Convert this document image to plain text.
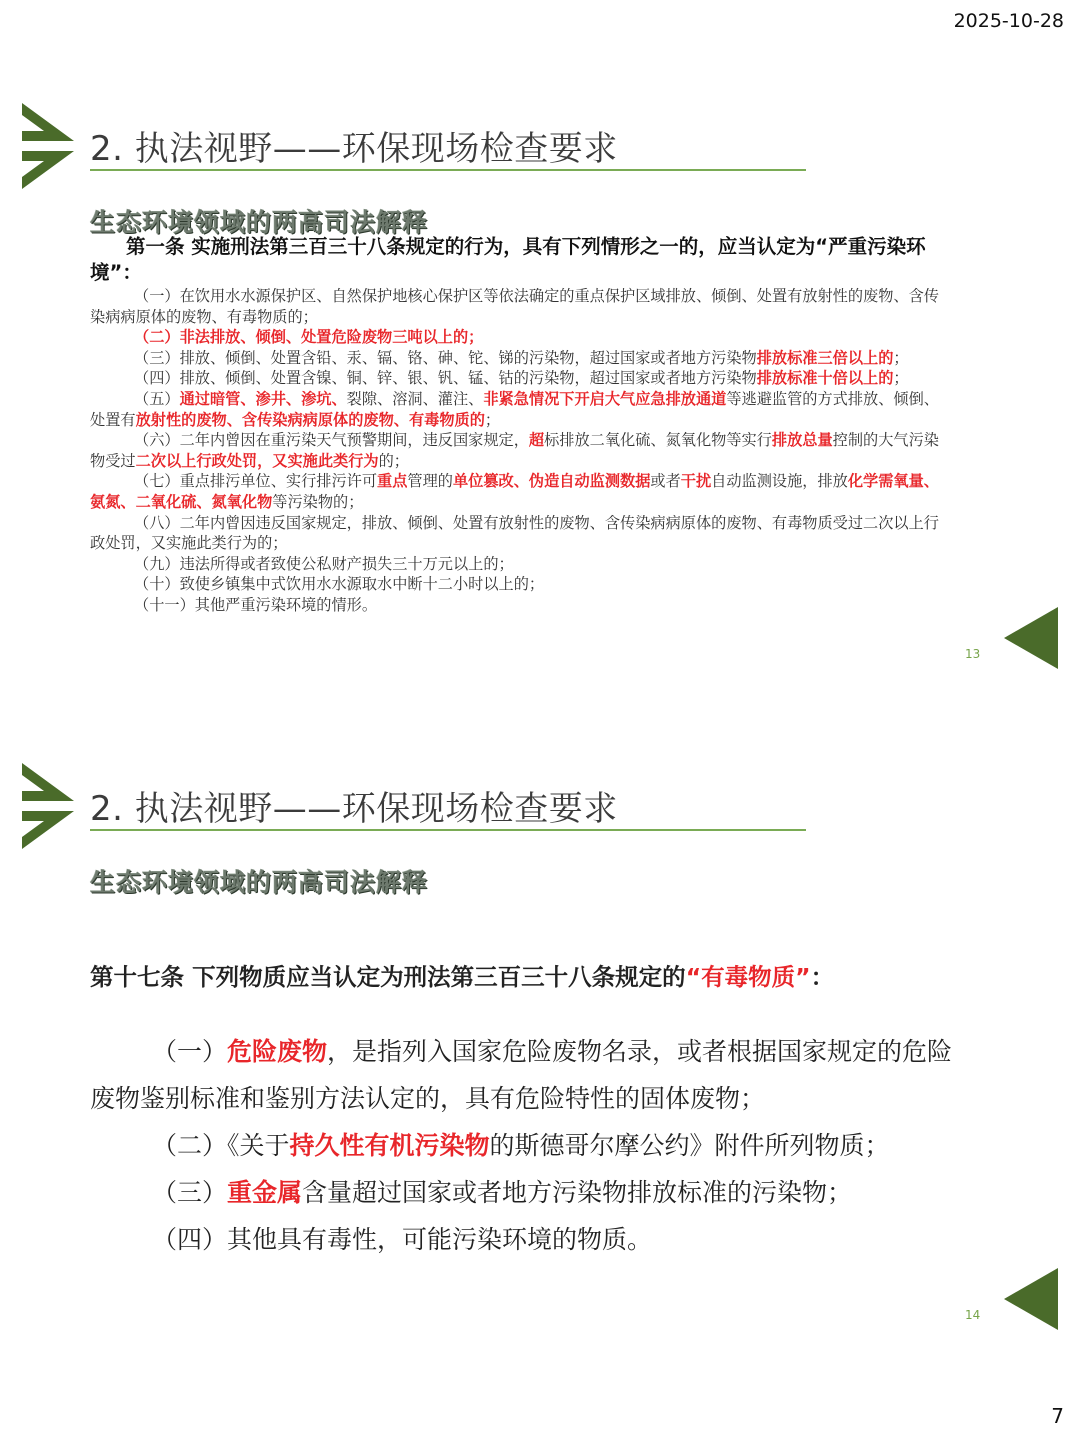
2025-10-28
2. 执法视野——环保现场检查要求
生态环境领域的两高司法解释
第一条 实施刑法第三百三十八条规定的行为，具有下列情形之一的，应当认定为“严重污染环境”：

（一）在饮用水水源保护区、自然保护地核心保护区等依法确定的重点保护区域排放、倾倒、处置有放射性的废物、含传染病病原体的废物、有毒物质的；

（二）非法排放、倾倒、处置危险废物三吨以上的；

（三）排放、倾倒、处置含铅、汞、镉、铬、砷、铊、锑的污染物，超过国家或者地方污染物排放标准三倍以上的；

（四）排放、倾倒、处置含镍、铜、锌、银、钒、锰、钴的污染物，超过国家或者地方污染物排放标准十倍以上的；

（五）通过暗管、渗井、渗坑、裂隙、溶洞、灌注、非紧急情况下开启大气应急排放通道等逃避监管的方式排放、倾倒、处置有放射性的废物、含传染病病原体的废物、有毒物质的；

（六）二年内曾因在重污染天气预警期间，违反国家规定，超标排放二氧化硫、氮氧化物等实行排放总量控制的大气污染物受过二次以上行政处罚，又实施此类行为的；

（七）重点排污单位、实行排污许可重点管理的单位篡改、伪造自动监测数据或者干扰自动监测设施，排放化学需氧量、氨氮、二氧化硫、氮氧化物等污染物的；

（八）二年内曾因违反国家规定，排放、倾倒、处置有放射性的废物、含传染病病原体的废物、有毒物质受过二次以上行政处罚，又实施此类行为的；

（九）违法所得或者致使公私财产损失三十万元以上的；

（十）致使乡镇集中式饮用水水源取水中断十二小时以上的；

（十一）其他严重污染环境的情形。

13
2. 执法视野——环保现场检查要求
生态环境领域的两高司法解释
第十七条 下列物质应当认定为刑法第三百三十八条规定的“有毒物质”：

（一）危险废物，是指列入国家危险废物名录，或者根据国家规定的危险废物鉴别标准和鉴别方法认定的，具有危险特性的固体废物；

（二）《关于持久性有机污染物的斯德哥尔摩公约》附件所列物质；

（三）重金属含量超过国家或者地方污染物排放标准的污染物；

（四）其他具有毒性，可能污染环境的物质。

14
7
